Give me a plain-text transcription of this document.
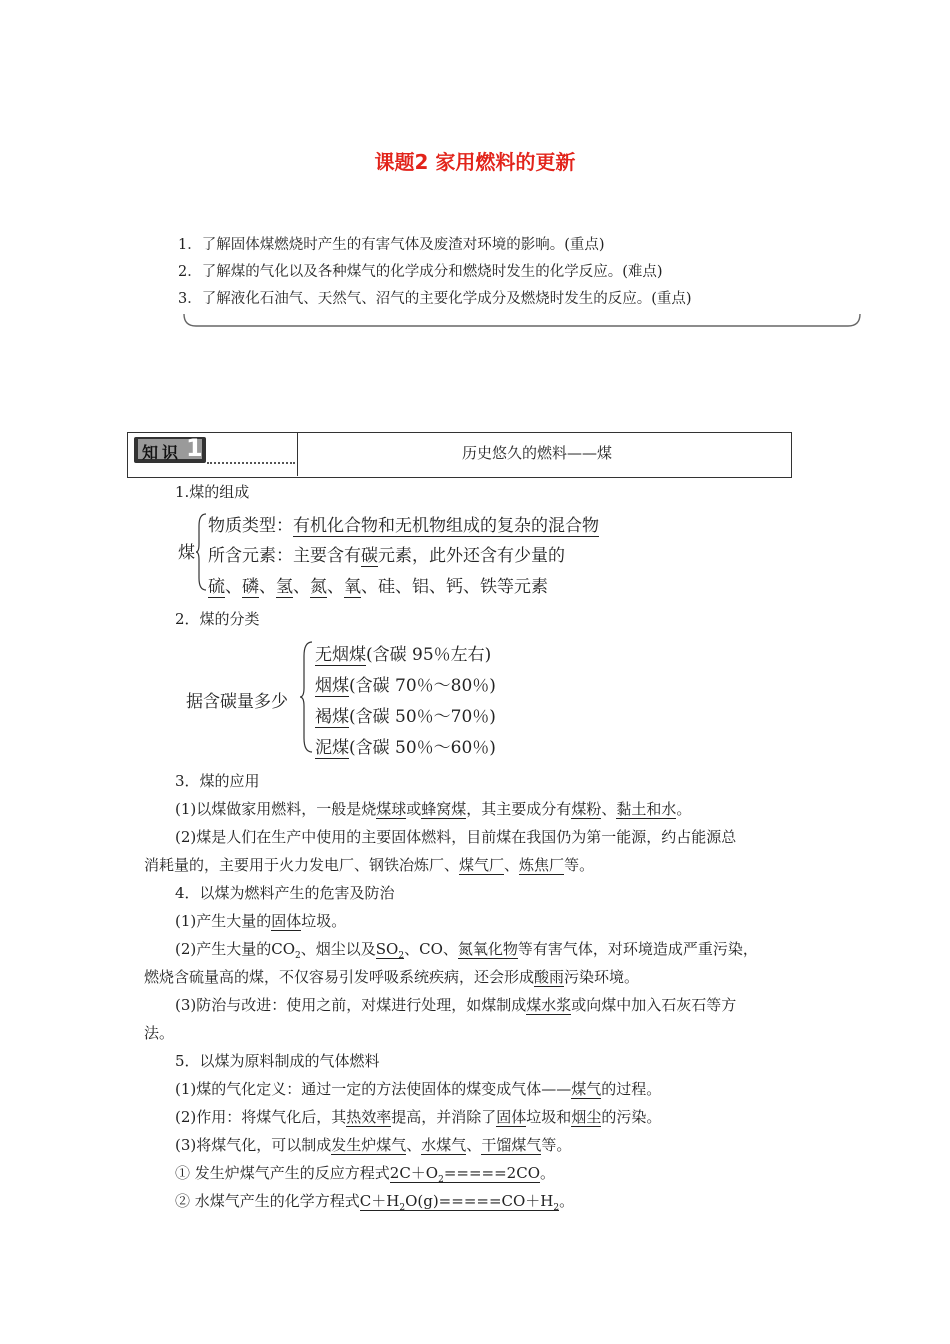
课题2 家用燃料的更新
1．了解固体煤燃烧时产生的有害气体及废渣对环境的影响。(重点)
2．了解煤的气化以及各种煤气的化学成分和燃烧时发生的化学反应。(难点)
3．了解液化石油气、天然气、沼气的主要化学成分及燃烧时发生的反应。(重点)
知 识 1	历史悠久的燃料——煤
1.煤的组成
煤
物质类型：有机化合物和无机物组成的复杂的混合物
所含元素：主要含有碳元素，此外还含有少量的
硫、磷、氢、氮、氧、硅、铝、钙、铁等元素
2．煤的分类
据含碳量多少
无烟煤(含碳 95％左右)
烟煤(含碳 70％～80％)
褐煤(含碳 50％～70％)
泥煤(含碳 50％～60％)
3．煤的应用
(1)以煤做家用燃料，一般是烧煤球或蜂窝煤，其主要成分有煤粉、黏土和水。
(2)煤是人们在生产中使用的主要固体燃料，目前煤在我国仍为第一能源，约占能源总
消耗量的，主要用于火力发电厂、钢铁冶炼厂、煤气厂、炼焦厂等。
4．以煤为燃料产生的危害及防治
(1)产生大量的固体垃圾。
(2)产生大量的$CO_2$、烟尘以及$SO_2$、CO、氮氧化物等有害气体，对环境造成严重污染，
燃烧含硫量高的煤，不仅容易引发呼吸系统疾病，还会形成酸雨污染环境。
(3)防治与改进：使用之前，对煤进行处理，如煤制成煤水浆或向煤中加入石灰石等方
法。
5．以煤为原料制成的气体燃料
(1)煤的气化定义：通过一定的方法使固体的煤变成气体——煤气的过程。
(2)作用：将煤气化后，其热效率提高，并消除了固体垃圾和烟尘的污染。
(3)将煤气化，可以制成发生炉煤气、水煤气、干馏煤气等。
① 发生炉煤气产生的反应方程式$2C+O_2=====2CO$。
② 水煤气产生的化学方程式$C+H_2O(g)=====CO+H_2$。
